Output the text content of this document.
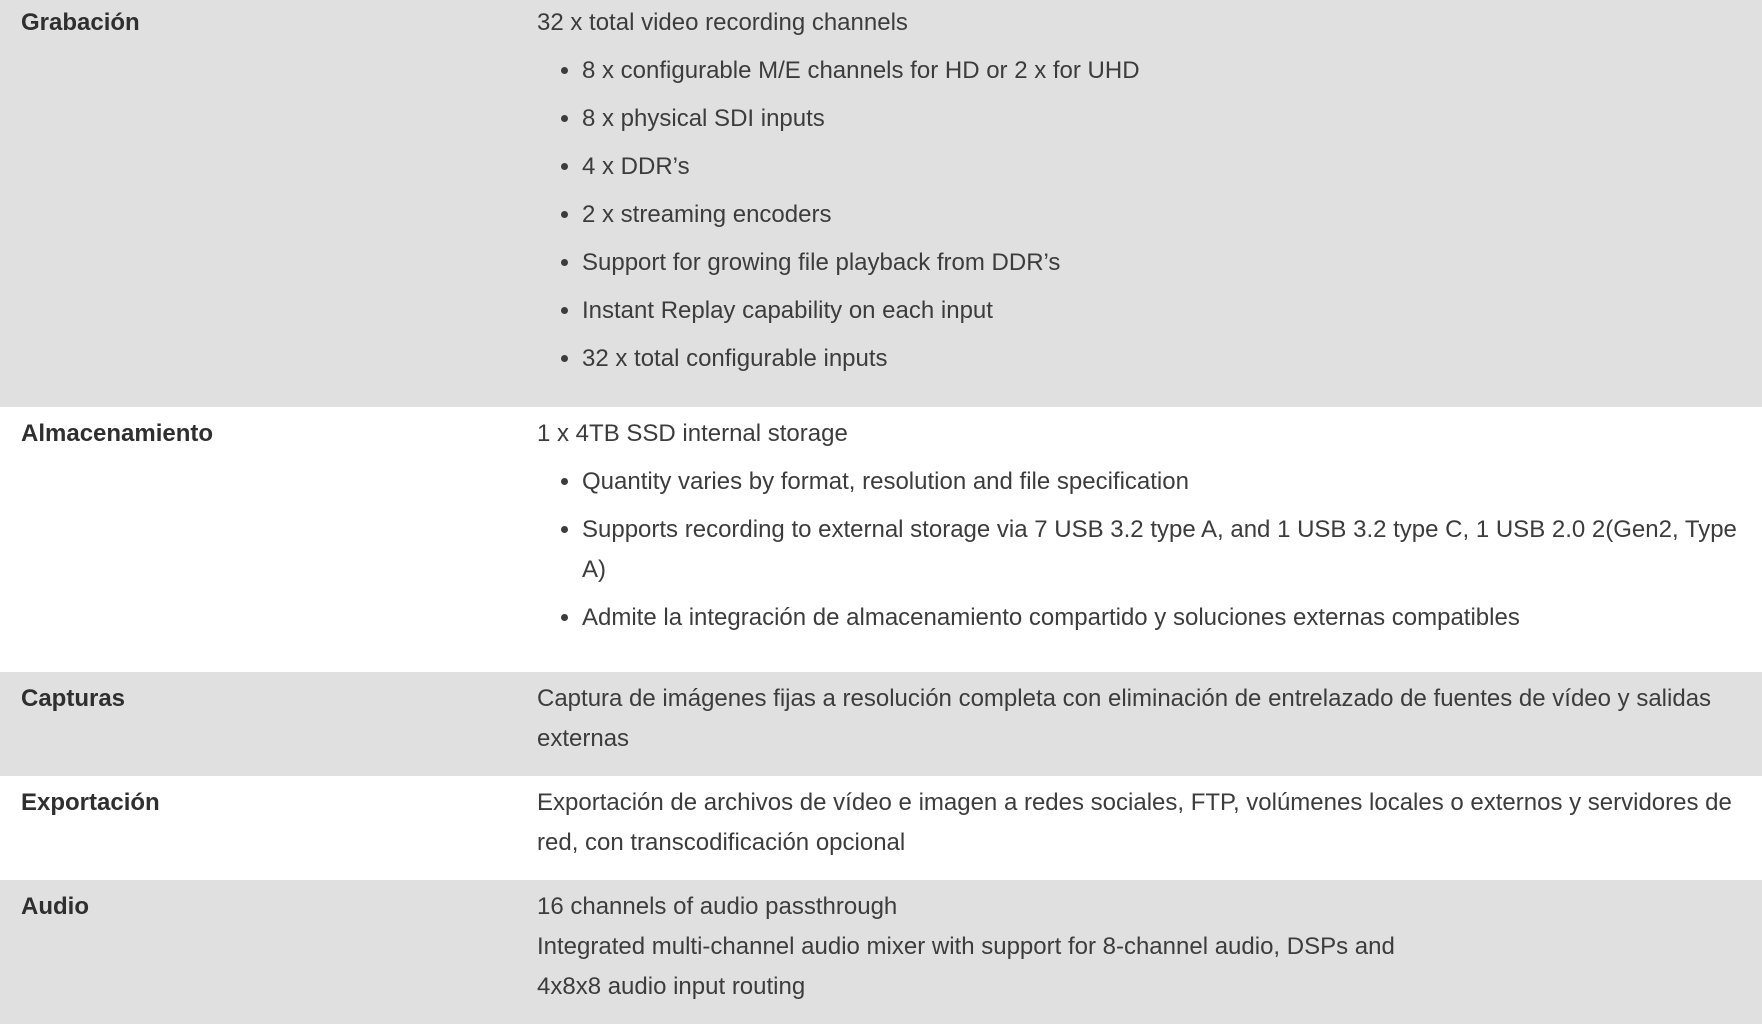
Grabación	32 x total video recording channels

• 8 x configurable M/E channels for HD or 2 x for UHD
• 8 x physical SDI inputs
• 4 x DDR’s
• 2 x streaming encoders
• Support for growing file playback from DDR’s
• Instant Replay capability on each input
• 32 x total configurable inputs
Almacenamiento	1 x 4TB SSD internal storage

• Quantity varies by format, resolution and file specification
• Supports recording to external storage via 7 USB 3.2 type A, and 1 USB 3.2 type C, 1 USB 2.0 2(Gen2, Type A)
• Admite la integración de almacenamiento compartido y soluciones externas compatibles
Capturas	Captura de imágenes fijas a resolución completa con eliminación de entrelazado de fuentes de vídeo y salidas externas

Exportación	Exportación de archivos de vídeo e imagen a redes sociales, FTP, volúmenes locales o externos y servidores de red, con transcodificación opcional

Audio	16 channels of audio passthrough

Integrated multi-channel audio mixer with support for 8-channel audio, DSPs and

4x8x8 audio input routing
